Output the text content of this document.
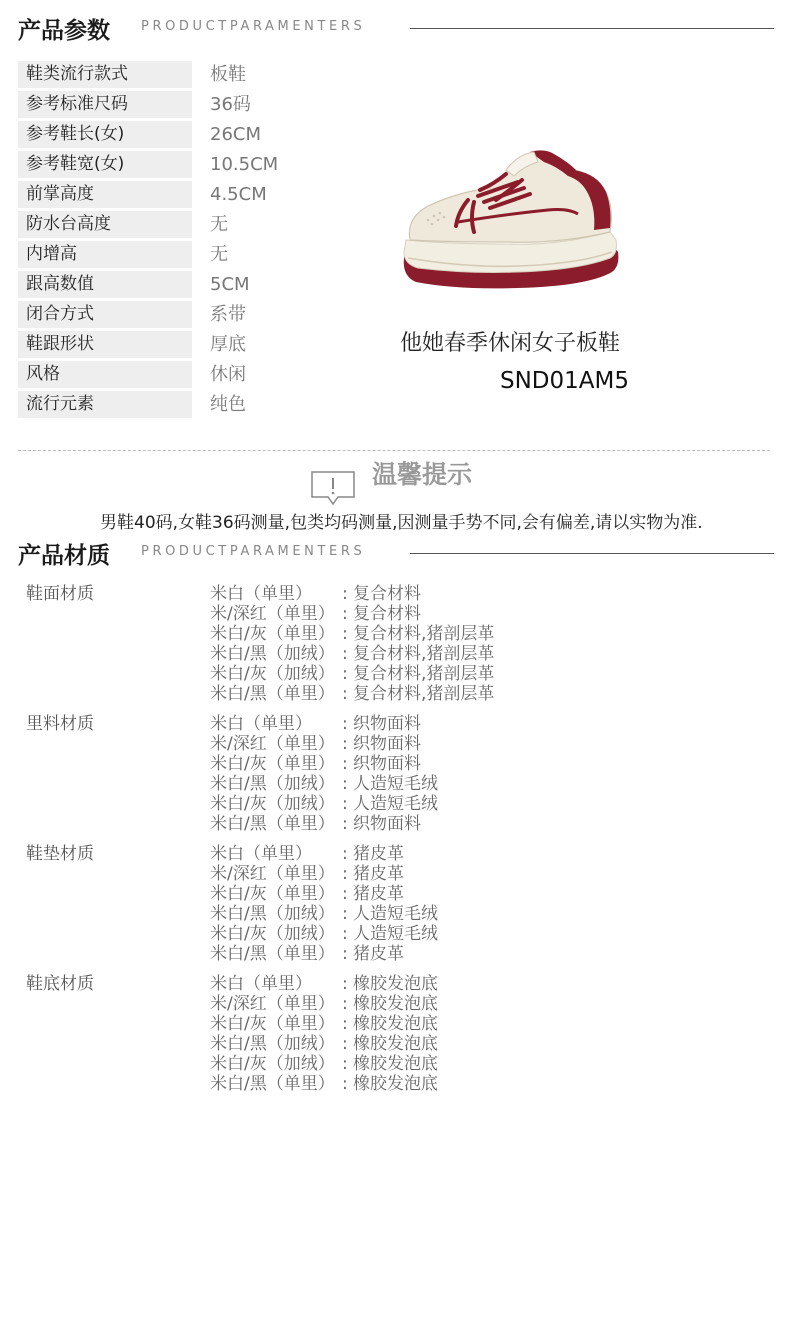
产品参数 PRODUCTPARAMENTERS
鞋类流行款式	板鞋
参考标准尺码	36码
参考鞋长(女)	26CM
参考鞋宽(女)	10.5CM
前掌高度	4.5CM
防水台高度	无
内增高	无
跟高数值	5CM
闭合方式	系带
鞋跟形状	厚底
风格	休闲
流行元素	纯色
他她春季休闲女子板鞋
SND01AM5
温馨提示
男鞋40码,女鞋36码测量,包类均码测量,因测量手势不同,会有偏差,请以实物为准.
产品材质 PRODUCTPARAMENTERS
鞋面材质	米白（单里） : 复合材料
米/深红（单里） : 复合材料
米白/灰（单里） : 复合材料,猪剖层革
米白/黑（加绒） : 复合材料,猪剖层革
米白/灰（加绒） : 复合材料,猪剖层革
米白/黑（单里） : 复合材料,猪剖层革
里料材质	米白（单里） : 织物面料
米/深红（单里） : 织物面料
米白/灰（单里） : 织物面料
米白/黑（加绒） : 人造短毛绒
米白/灰（加绒） : 人造短毛绒
米白/黑（单里） : 织物面料
鞋垫材质	米白（单里） : 猪皮革
米/深红（单里） : 猪皮革
米白/灰（单里） : 猪皮革
米白/黑（加绒） : 人造短毛绒
米白/灰（加绒） : 人造短毛绒
米白/黑（单里） : 猪皮革
鞋底材质	米白（单里） : 橡胶发泡底
米/深红（单里） : 橡胶发泡底
米白/灰（单里） : 橡胶发泡底
米白/黑（加绒） : 橡胶发泡底
米白/灰（加绒） : 橡胶发泡底
米白/黑（单里） : 橡胶发泡底
